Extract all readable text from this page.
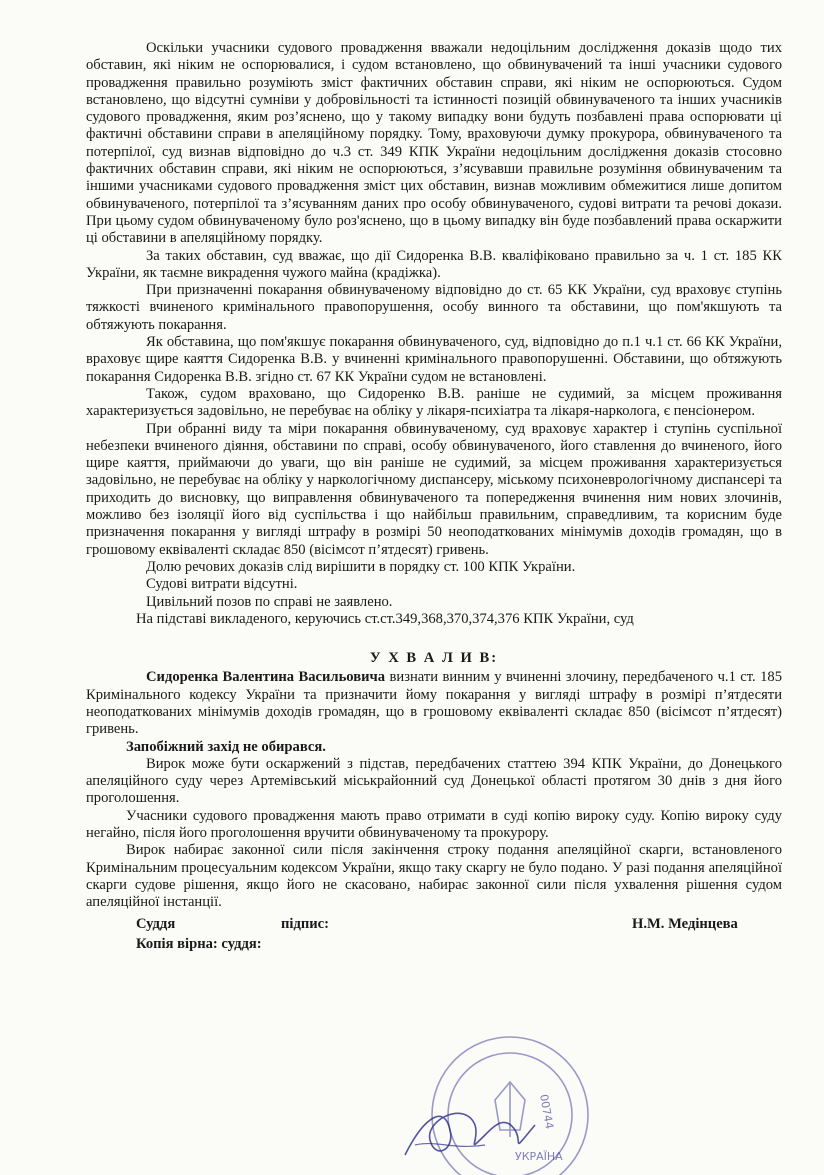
Оскільки учасники судового провадження вважали недоцільним дослідження доказів щодо тих обставин, які ніким не оспорювалися, і судом встановлено, що обвинувачений та інші учасники судового провадження правильно розуміють зміст фактичних обставин справи, які ніким не оспорюються. Судом встановлено, що відсутні сумніви у добровільності та істинності позицій обвинуваченого та інших учасників судового провадження, яким роз’яснено, що у такому випадку вони будуть позбавлені права оспорювати ці фактичні обставини справи в апеляційному порядку. Тому, враховуючи думку прокурора, обвинуваченого та потерпілої, суд визнав відповідно до ч.3 ст. 349 КПК України недоцільним дослідження доказів стосовно фактичних обставин справи, які ніким не оспорюються, з’ясувавши правильне розуміння обвинуваченим та іншими учасниками судового провадження зміст цих обставин, визнав можливим обмежитися лише допитом обвинуваченого, потерпілої та з’ясуванням даних про особу обвинуваченого, судові витрати та речові докази. При цьому судом обвинуваченому було роз'яснено, що в цьому випадку він буде позбавлений права оскаржити ці обставини в апеляційному порядку.

За таких обставин, суд вважає, що дії Сидоренка В.В. кваліфіковано правильно за ч. 1 ст. 185 КК України, як таємне викрадення чужого майна (крадіжка).

При призначенні покарання обвинуваченому відповідно до ст. 65 КК України, суд враховує ступінь тяжкості вчиненого кримінального правопорушення, особу винного та обставини, що пом'якшують та обтяжують покарання.

Як обставина, що пом'якшує покарання обвинуваченого, суд, відповідно до п.1 ч.1 ст. 66 КК України, враховує щире каяття Сидоренка В.В. у вчиненні кримінального правопорушенні. Обставини, що обтяжують покарання Сидоренка В.В. згідно ст. 67 КК України судом не встановлені.

Також, судом враховано, що Сидоренко В.В. раніше не судимий, за місцем проживання характеризується задовільно, не перебуває на обліку у лікаря-психіатра та лікаря-нарколога, є пенсіонером.

При обранні виду та міри покарання обвинуваченому, суд враховує характер і ступінь суспільної небезпеки вчиненого діяння, обставини по справі, особу обвинуваченого, його ставлення до вчиненого, його щире каяття, приймаючи до уваги, що він раніше не судимий, за місцем проживання характеризується задовільно, не перебуває на обліку у наркологічному диспансеру, міському психоневрологічному диспансері та приходить до висновку, що виправлення обвинуваченого та попередження вчинення ним нових злочинів, можливо без ізоляції його від суспільства і що найбільш правильним, справедливим, та корисним буде призначення покарання у вигляді штрафу в розмірі 50 неоподаткованих мінімумів доходів громадян, що в грошовому еквіваленті складає 850 (вісімсот п’ятдесят) гривень.

Долю речових доказів слід вирішити в порядку ст. 100 КПК України.

Судові витрати відсутні.

Цивільний позов по справі не заявлено.

На підставі викладеного, керуючись ст.ст.349,368,370,374,376 КПК України, суд

У Х В А Л И В:

Сидоренка Валентина Васильовича визнати винним у вчиненні злочину, передбаченого ч.1 ст. 185 Кримінального кодексу України та призначити йому покарання у вигляді штрафу в розмірі п’ятдесяти неоподаткованих мінімумів доходів громадян, що в грошовому еквіваленті складає 850 (вісімсот п’ятдесят) гривень.

Запобіжний захід не обирався.

Вирок може бути оскаржений з підстав, передбачених статтею 394 КПК України, до Донецького апеляційного суду через Артемівський міськрайонний суд Донецької області протягом 30 днів з дня його проголошення.

Учасники судового провадження мають право отримати в суді копію вироку суду. Копію вироку суду негайно, після його проголошення вручити обвинуваченому та прокурору.

Вирок набирає законної сили після закінчення строку подання апеляційної скарги, встановленого Кримінальним процесуальним кодексом України, якщо таку скаргу не було подано. У разі подання апеляційної скарги судове рішення, якщо його не скасовано, набирає законної сили після ухвалення рішення судом апеляційної інстанції.

Суддя	підпис:	Н.М. Медінцева
Копія вірна: суддя:
УКРАЇНА
00744
